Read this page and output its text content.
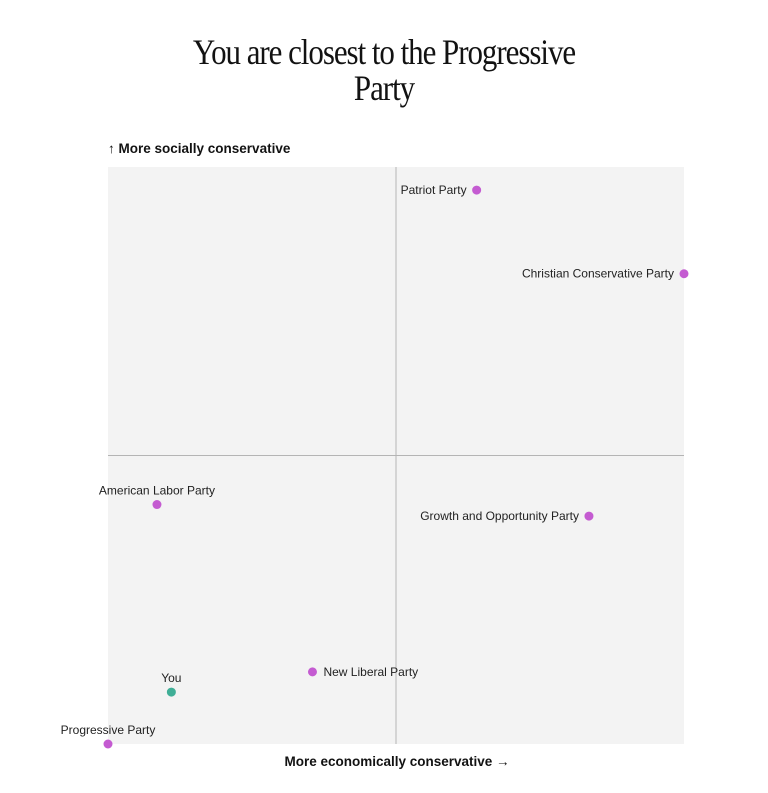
You are closest to the Progressive
Party
↑ More socially conservative
Patriot Party
Christian Conservative Party
American Labor Party
Growth and Opportunity Party
New Liberal Party
Progressive Party
You
More economically conservative →
